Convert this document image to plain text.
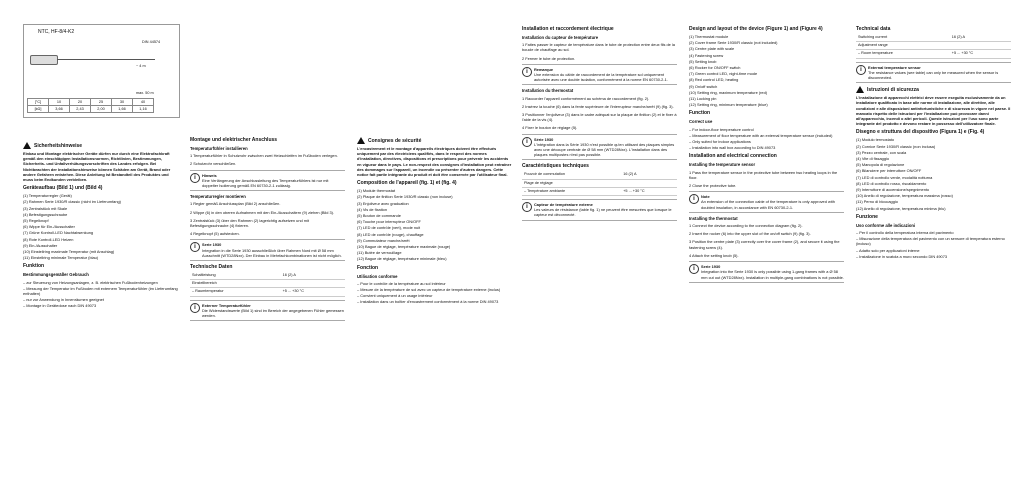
NTC, HF-8/4-K2
DIN 44574
~ 4 m
max. 50 m
[°C]	10	20	25	30	40
[kΩ]	3,66	2,43	2,00	1,66	1,16
Sicherheitshinweise

Einbau und Montage elektrischer Geräte dürfen nur durch eine Elektrofachkraft gemäß den einschlägigen Installationsnormen, Richtlinien, Bestimmungen, Sicherheits- und Unfallverhütungsvorschriften des Landes erfolgen. Bei Nichtbeachten der Installationshinweise können Schäden am Gerät, Brand oder andere Gefahren entstehen. Diese Anleitung ist Bestandteil des Produktes und muss beim Endkunden verbleiben.

Geräteaufbau (Bild 1) und (Bild 4)
(1) Temperaturregler (Gerät)
(2) Rahmen Serie 1930/R classic (nicht im Lieferumfang)
(3) Zentralstück mit Skale
(4) Befestigungsschraube
(5) Regelknopf
(6) Wippe für Ein-/Ausschalter
(7) Grüne Kontroll-LED Nachtabsenkung
(8) Rote Kontroll-LED Heizen
(9) Ein-/Ausschalter
(10) Einstellring maximale Temperatur (mit Anschlag)
(11) Einstellring minimale Temperatur (blau)
Funktion
Bestimmungsgemäßer Gebrauch
– zur Steuerung von Heizungsanlagen, z. B. elektrischen Fußbodenheizungen
– Messung der Temperatur im Fußboden mit externem Temperaturfühler (im Lieferumfang enthalten)
– nur zur Anwendung in Innenräumen geeignet
– Montage in Gerätedose nach DIN 49073
Montage und elektrischer Anschluss
Temperaturfühler installieren

1 Temperaturfühler in Schutzrohr zwischen zwei Heizschleifen im Fußboden verlegen.

2 Schutzrohr verschließen.

i	Hinweis
Eine Verlängerung der Anschlussleitung des Temperaturfühlers ist nur mit doppelter Isolierung gemäß EN 60730-2-1 zulässig.
Temperaturregler montieren

1 Regler gemäß Anschlussplan (Bild 2) anschließen.

2 Wippe (6) in den oberen Aufnahmen mit den Ein-/Ausschaltern (9) ziehen (Bild 3).

3 Zentralstück (3) über den Rahmen (2) lagerichtig aufsetzen und mit Befestigungsschraube (4) fixieren.

4 Regelknopf (5) aufstecken.

i	Serie 1930
Integration in die Serie 1930 ausschließlich über Rahmen Nord mit Ø 58 mm Ausschnitt (WTD28Nxx). Der Einbau in Mehrfachkombinationen ist nicht möglich.
Technische Daten
Schaltleistung	16 (2) A
Einstellbereich	
– Raumtemperatur	+5 ... +30 °C
i	Externer Temperaturfühler
Die Widerstandswerte (Bild 1) sind im Bereich der angegebenen Fühler gemessen werden.
Consignes de sécurité

L'encastrement et le montage d'appareils électriques doivent être effectués uniquement par des électriciens qualifiés, dans le respect des normes d'installation, directives, dispositions et prescriptions pour prévenir les accidents en vigueur dans le pays. Le non-respect des consignes d'installation peut entraîner des dommages sur l'appareil, un incendie ou présenter d'autres dangers. Cette notice fait partie intégrante du produit et doit être conservée par l'utilisateur final.

Composition de l'appareil (fig. 1) et (fig. 4)
(1) Module thermostat
(2) Plaque de finition Serie 1930/R classic (non incluse)
(3) Enjoliveur avec graduation
(4) Vis de fixation
(5) Bouton de commande
(6) Touche pour interrupteur ON/OFF
(7) LED de contrôle (vert), mode nuit
(8) LED de contrôle (rouge), chauffage
(9) Commutateur marche/arrêt
(10) Bague de réglage, température maximale (rouge)
(11) Butée de verrouillage
(12) Bague de réglage, température minimale (bleu)
Fonction
Utilisation conforme
– Pour le contrôle de la température au sol intérieur
– Mesure de la température de sol avec un capteur de température externe (inclus)
– Convient uniquement à un usage intérieur
– Installation dans un boîtier d'encastrement conformément à la norme DIN 49073
Installation et raccordement électrique
Installation du capteur de température

1 Faites passer le capteur de température dans le tube de protection entre deux fils de la boucle de chauffage au sol.

2 Fermer le tube de protection.

i	Remarque
Une extension du câble de raccordement de la température sol uniquement autorisée avec une double isolation, conformément à la norme EN 60730-2-1.
Installation du thermostat

1 Raccorder l'appareil conformément au schéma de raccordement (fig. 2).

2 Insérez la touche (6) dans la fente supérieure de l'interrupteur marche/arrêt (9) (fig. 3).

3 Positionner l'enjoliveur (3) dans le cadre adéquat sur la plaque de finition (2) et le fixer à l'aide de la vis (4).

4 Fixer le bouton de réglage (5).

i	Série 1930
L'intégration dans la Série 1930 n'est possible qu'en utilisant des plaques simples avec une découpe centrale de Ø 58 mm (WTD28Nxx). L'installation dans des plaques multipostes n'est pas possible.
Caractéristiques techniques
Pouvoir de commutation	16 (2) A
Plage de réglage	
– Température ambiante	+5 ... +30 °C
i	Capteur de température externe
Les valeurs de résistance (table fig. 1) ne peuvent être mesurées que lorsque le capteur est déconnecté.
Design and layout of the device (Figure 1) and (Figure 4)
(1) Thermostat module
(2) Cover frame Serie 1930/R classic (not included)
(3) Centre plate with scale
(4) Fastening screw
(5) Setting knob
(6) Rocker for ON/OFF switch
(7) Green control LED, night-time mode
(8) Red control LED, heating
(9) On/off switch
(10) Setting ring, maximum temperature (red)
(11) Locking pin
(12) Setting ring, minimum temperature (blue)
Function
Correct use
– For indoor-floor temperature control
– Measurement of floor temperature with an external temperature sensor (included)
– Only suited for indoor applications
– Installation into wall box according to DIN 49073
Installation and electrical connection
Installing the temperature sensor

1 Pass the temperature sensor in the protective tube between two heating loops in the floor.

2 Close the protective tube.

i	Note
An extension of the connection cable of the temperature is only approved with doubled insulation, in accordance with EN 60730-2-1.
Installing the thermostat

1 Connect the device according to the connection diagram (fig. 2).

2 Insert the rocker (6) into the upper slot of the on/off switch (9) (fig. 3).

3 Position the centre plate (3) correctly over the cover frame (2), and secure it using the fastening screw (4).

4 Attach the setting knob (5).

i	Serie 1930
Integration into the Serie 1930 is only possible using 1-gang frames with a Ø 58 mm cut out (WTD28Nxx). Installation in multiple-gang combinations is not possible.
Technical data
Switching current	16 (2) A
Adjustment range	
– Room temperature	+5 ... +30 °C
i	External temperature sensor
The resistance values (see table) can only be measured when the sensor is disconnected.
Istruzioni di sicurezza

L'installazione di apparecchi elettrici deve essere eseguita esclusivamente da un installatore qualificato in base alle norme di installazione, alle direttive, alle condizioni e alle disposizioni antinfortunistiche e di sicurezza in vigore nel paese. Il mancato rispetto delle istruzioni per l'installazione può provocare danni all'apparecchio, incendi o altri pericoli. Queste istruzioni per l'uso sono parte integrante del prodotto e devono restare in possesso dell'utilizzatore finale.

Disegno e struttura del dispositivo (Figura 1) e (Fig. 4)
(1) Modulo termostato
(2) Cornice Serie 1930/R classic (non inclusa)
(3) Pezzo centrale, con scala
(4) Vite di fissaggio
(5) Manopola di regolazione
(6) Bilanciere per interruttore ON/OFF
(7) LED di controllo verde, modalità notturna
(8) LED di controllo rosso, riscaldamento
(9) Interruttore di accensione/spegnimento
(10) Anello di regolazione, temperatura massima (rosso)
(11) Perno di bloccaggio
(12) Anello di regolazione, temperatura minima (blu)
Funzione
Uso conforme alle indicazioni
– Per il controllo della temperatura interna del pavimento
– Misurazione della temperatura del pavimento con un sensore di temperatura esterno (incluso)
– Adatto solo per applicazioni interne
– Installazione in scatola a muro secondo DIN 49073
